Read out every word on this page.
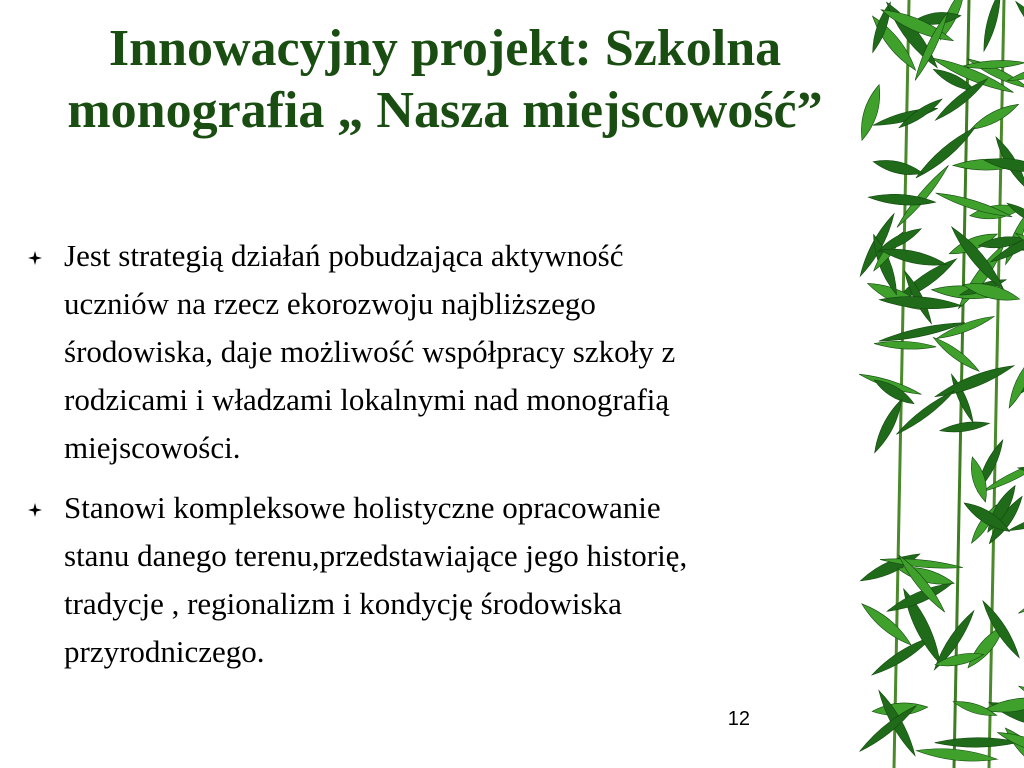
Innowacyjny projekt: Szkolna monografia „ Nasza miejscowość”
Jest strategią działań pobudzająca aktywność
uczniów na rzecz ekorozwoju najbliższego
środowiska, daje możliwość współpracy szkoły z
rodzicami i władzami lokalnymi nad monografią
miejscowości.
Stanowi kompleksowe holistyczne opracowanie
stanu danego terenu,przedstawiające jego historię,
tradycje , regionalizm i kondycję środowiska
przyrodniczego.
12
